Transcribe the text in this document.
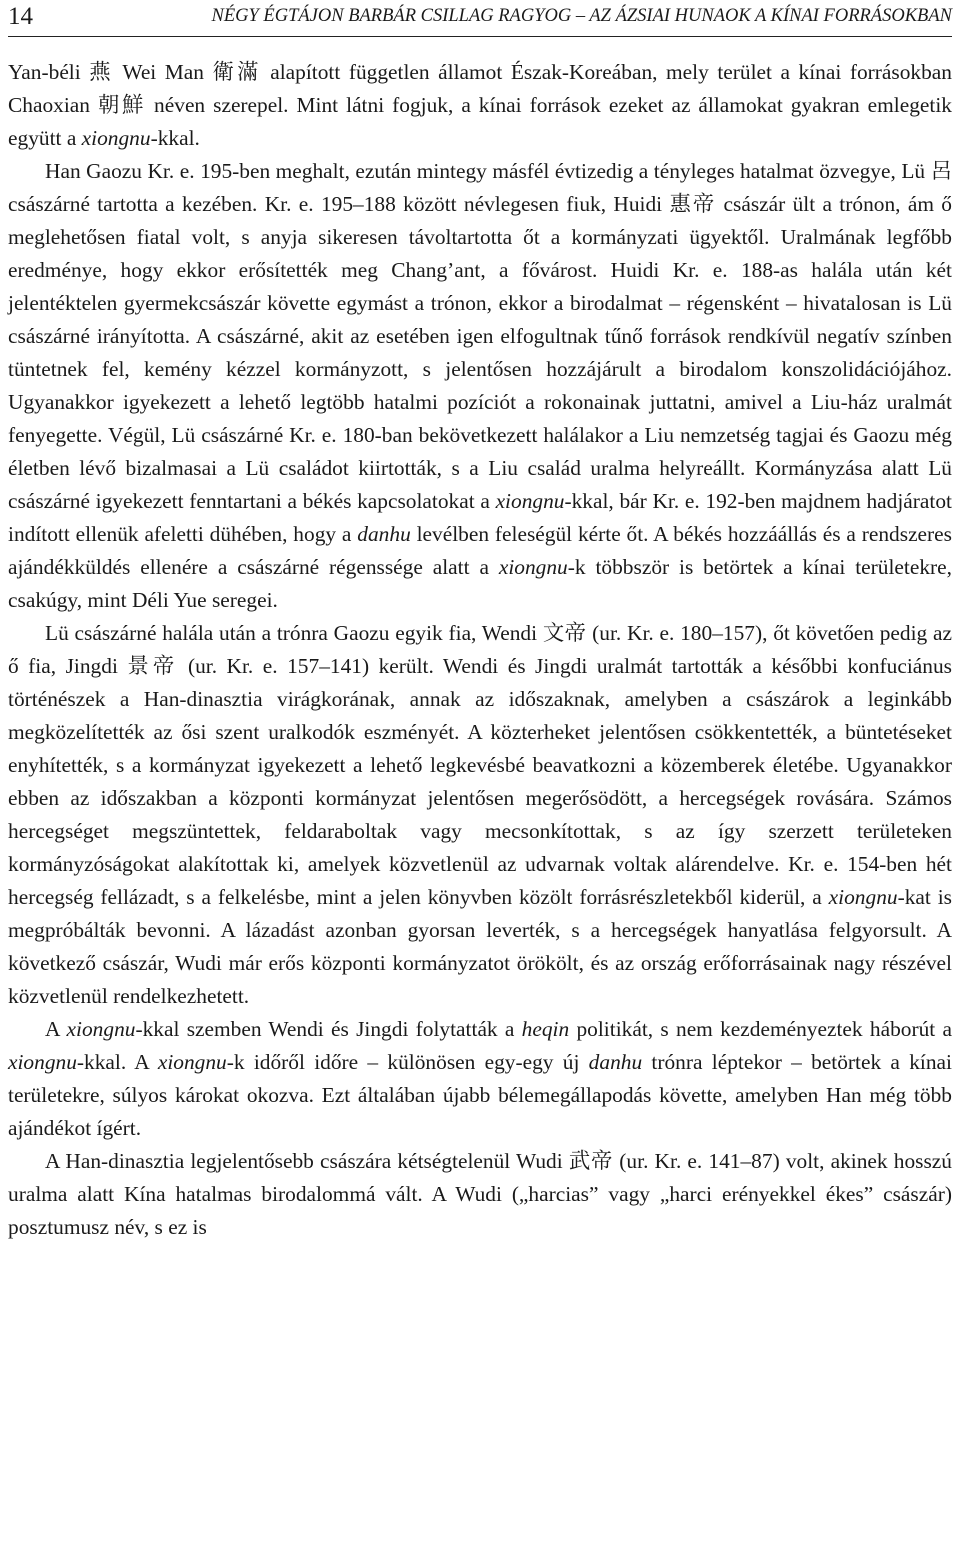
14	NÉGY ÉGTÁJON BARBÁR CSILLAG RAGYOG – AZ ÁZSIAI HUNAOK A KÍNAI FORRÁSOKBAN

Yan-béli 燕 Wei Man 衛滿 alapított független államot Észak-Koreában, mely terület a kínai forrásokban Chaoxian 朝鮮 néven szerepel. Mint látni fogjuk, a kínai források ezeket az államokat gyakran emlegetik együtt a xiongnu-kkal.

Han Gaozu Kr. e. 195-ben meghalt, ezután mintegy másfél évtizedig a tényleges hatalmat özvegye, Lü 呂 császárné tartotta a kezében. Kr. e. 195–188 között névlegesen fiuk, Huidi 惠帝 császár ült a trónon, ám ő meglehetősen fiatal volt, s anyja sikeresen távoltartotta őt a kormányzati ügyektől. Uralmának legfőbb eredménye, hogy ekkor erősítették meg Chang’ant, a fővárost. Huidi Kr. e. 188-as halála után két jelentéktelen gyermekcsászár követte egymást a trónon, ekkor a birodalmat – régensként – hivatalosan is Lü császárné irányította. A császárné, akit az esetében igen elfogultnak tűnő források rendkívül negatív színben tüntetnek fel, kemény kézzel kormányzott, s jelentősen hozzájárult a birodalom konszolidációjához. Ugyanakkor igyekezett a lehető legtöbb hatalmi pozíciót a rokonainak juttatni, amivel a Liu-ház uralmát fenyegette. Végül, Lü császárné Kr. e. 180-ban bekövetkezett halálakor a Liu nemzetség tagjai és Gaozu még életben lévő bizalmasai a Lü családot kiirtották, s a Liu család uralma helyreállt. Kormányzása alatt Lü császárné igyekezett fenntartani a békés kapcsolatokat a xiongnu-kkal, bár Kr. e. 192-ben majdnem hadjáratot indított ellenük afeletti dühében, hogy a danhu levélben feleségül kérte őt. A békés hozzáállás és a rendszeres ajándékküldés ellenére a császárné régenssége alatt a xiongnu-k többször is betörtek a kínai területekre, csakúgy, mint Déli Yue seregei.

Lü császárné halála után a trónra Gaozu egyik fia, Wendi 文帝 (ur. Kr. e. 180–157), őt követően pedig az ő fia, Jingdi 景帝 (ur. Kr. e. 157–141) került. Wendi és Jingdi uralmát tartották a későbbi konfuciánus történészek a Han-dinasztia virágkorának, annak az időszaknak, amelyben a császárok a leginkább megközelítették az ősi szent uralkodók eszményét. A közterheket jelentősen csökkentették, a büntetéseket enyhítették, s a kormányzat igyekezett a lehető legkevésbé beavatkozni a közemberek életébe. Ugyanakkor ebben az időszakban a központi kormányzat jelentősen megerősödött, a hercegségek rovására. Számos hercegséget megszüntettek, feldaraboltak vagy mecsonkítottak, s az így szerzett területeken kormányzóságokat alakítottak ki, amelyek közvetlenül az udvarnak voltak alárendelve. Kr. e. 154-ben hét hercegség fellázadt, s a felkelésbe, mint a jelen könyvben közölt forrásrészletekből kiderül, a xiongnu-kat is megpróbálták bevonni. A lázadást azonban gyorsan leverték, s a hercegségek hanyatlása felgyorsult. A következő császár, Wudi már erős központi kormányzatot örökölt, és az ország erőforrásainak nagy részével közvetlenül rendelkezhetett.

A xiongnu-kkal szemben Wendi és Jingdi folytatták a heqin politikát, s nem kezdeményeztek háborút a xiongnu-kkal. A xiongnu-k időről időre – különösen egy-egy új danhu trónra léptekor – betörtek a kínai területekre, súlyos károkat okozva. Ezt általában újabb bélemegállapodás követte, amelyben Han még több ajándékot ígért.

A Han-dinasztia legjelentősebb császára kétségtelenül Wudi 武帝 (ur. Kr. e. 141–87) volt, akinek hosszú uralma alatt Kína hatalmas birodalommá vált. A Wudi („harcias” vagy „harci erényekkel ékes” császár) posztumusz név, s ez is
